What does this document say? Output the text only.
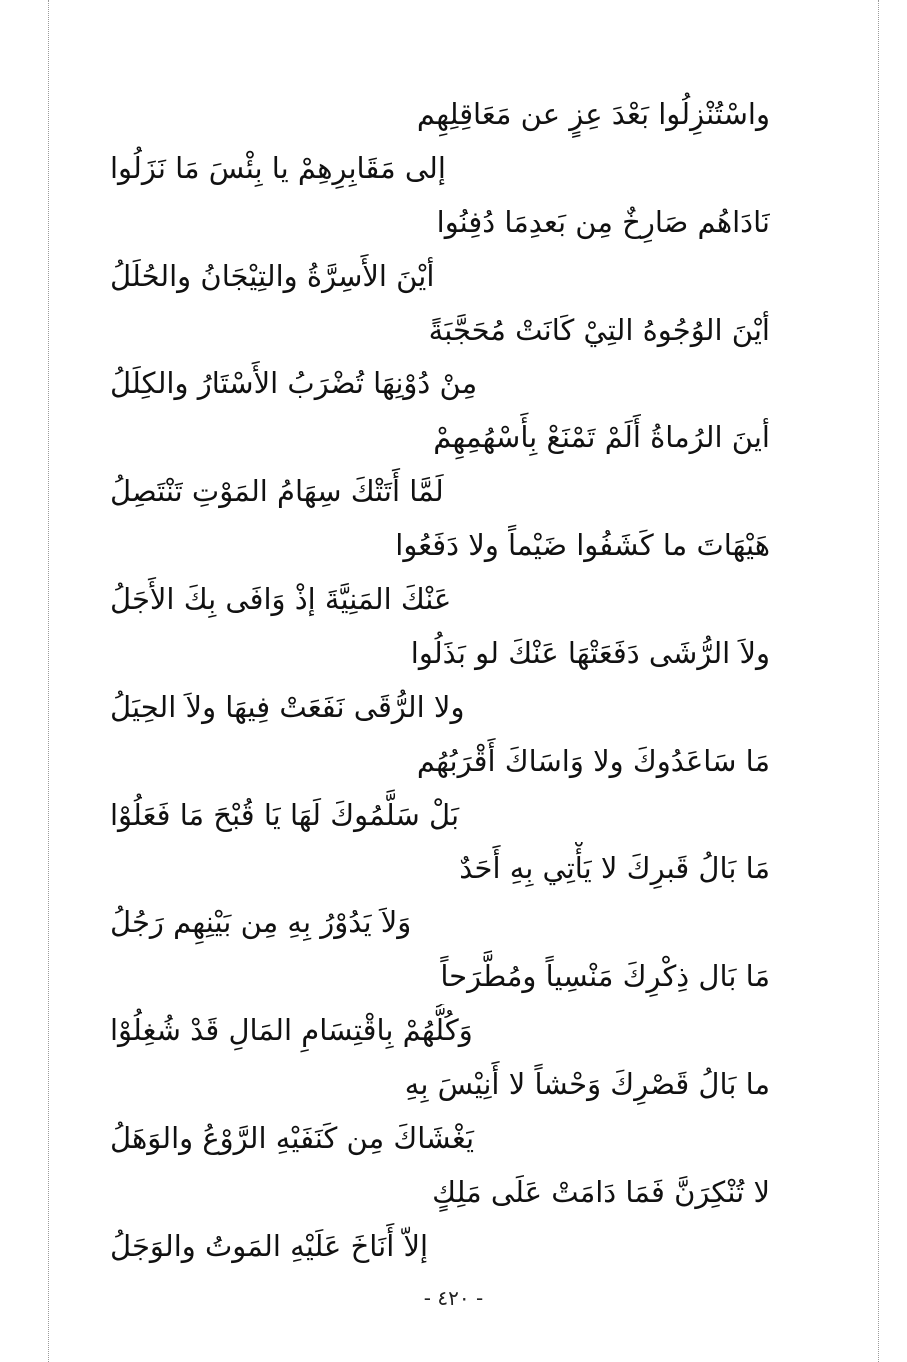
واسْتُنْزِلُوا بَعْدَ عِزٍ عن مَعَاقِلِهِم
إلى مَقَابِرِهِمْ يا بِئْسَ مَا نَزَلُوا
نَادَاهُم صَارِخٌ مِن بَعدِمَا دُفِنُوا
أيْنَ الأَسِرَّةُ والتِيْجَانُ والحُلَلُ
أيْنَ الوُجُوهُ التِيْ كَانَتْ مُحَجَّبَةً
مِنْ دُوْنِهَا تُضْرَبُ الأَسْتَارُ والكِلَلُ
أينَ الرُماةُ أَلَمْ تَمْنَعْ بِأَسْهُمِهِمْ
لَمَّا أَتَتْكَ سِهَامُ المَوْتِ تَنْتَصِلُ
هَيْهَاتَ ما كَشَفُوا ضَيْماً ولا دَفَعُوا
عَنْكَ المَنِيَّةَ إذْ وَافَى بِكَ الأَجَلُ
ولاَ الرُّشَى دَفَعَتْهَا عَنْكَ لو بَذَلُوا
ولا الرُّقَى نَفَعَتْ فِيهَا ولاَ الحِيَلُ
مَا سَاعَدُوكَ ولا وَاسَاكَ أَقْرَبُهُم
بَلْ سَلَّمُوكَ لَهَا يَا قُبْحَ مَا فَعَلُوْا
مَا بَالُ قَبرِكَ لا يَأْتِي بِهِ أَحَدٌ
وَلاَ يَدُوْرُ بِهِ مِن بَيْنِهِم رَجُلُ
مَا بَال ذِكْرِكَ مَنْسِياً ومُطَّرَحاً
وَكُلُّهُمْ بِاقْتِسَامِ المَالِ قَدْ شُغِلُوْا
ما بَالُ قَصْرِكَ وَحْشاً لا أَنِيْسَ بِهِ
يَغْشَاكَ مِن كَنَفَيْهِ الرَّوْعُ والوَهَلُ
لا تُنْكِرَنَّ فَمَا دَامَتْ عَلَى مَلِكٍ
إلاّ أَنَاخَ عَلَيْهِ المَوتُ والوَجَلُ
- ٤٢٠ -
